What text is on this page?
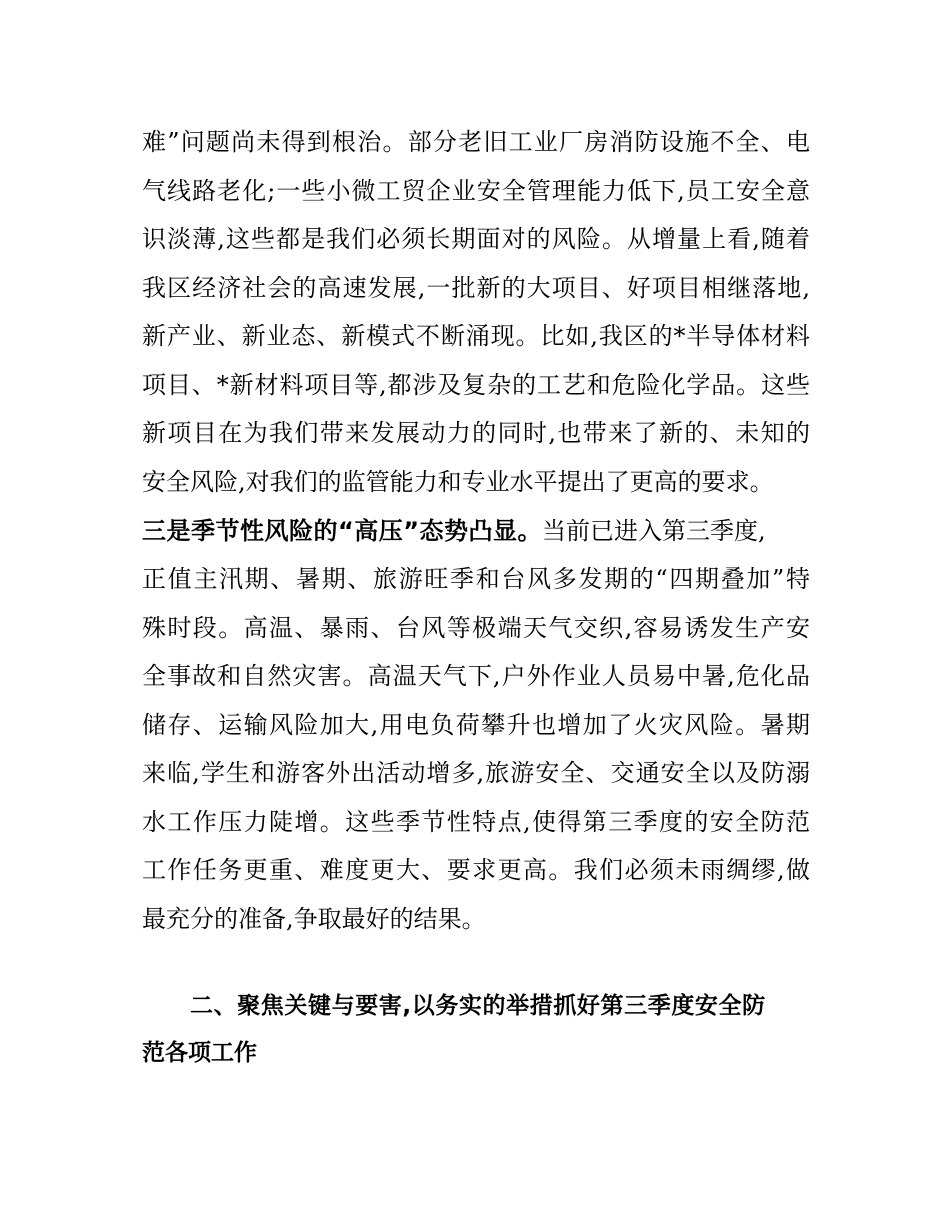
难”问题尚未得到根治。部分老旧工业厂房消防设施不全、电
气线路老化;一些小微工贸企业安全管理能力低下,员工安全意
识淡薄,这些都是我们必须长期面对的风险。从增量上看,随着
我区经济社会的高速发展,一批新的大项目、好项目相继落地,
新产业、新业态、新模式不断涌现。比如,我区的*半导体材料
项目、*新材料项目等,都涉及复杂的工艺和危险化学品。这些
新项目在为我们带来发展动力的同时,也带来了新的、未知的
安全风险,对我们的监管能力和专业水平提出了更高的要求。
三是季节性风险的“高压”态势凸显。当前已进入第三季度,
正值主汛期、暑期、旅游旺季和台风多发期的“四期叠加”特
殊时段。高温、暴雨、台风等极端天气交织,容易诱发生产安
全事故和自然灾害。高温天气下,户外作业人员易中暑,危化品
储存、运输风险加大,用电负荷攀升也增加了火灾风险。暑期
来临,学生和游客外出活动增多,旅游安全、交通安全以及防溺
水工作压力陡增。这些季节性特点,使得第三季度的安全防范
工作任务更重、难度更大、要求更高。我们必须未雨绸缪,做
最充分的准备,争取最好的结果。
二、聚焦关键与要害,以务实的举措抓好第三季度安全防
范各项工作
